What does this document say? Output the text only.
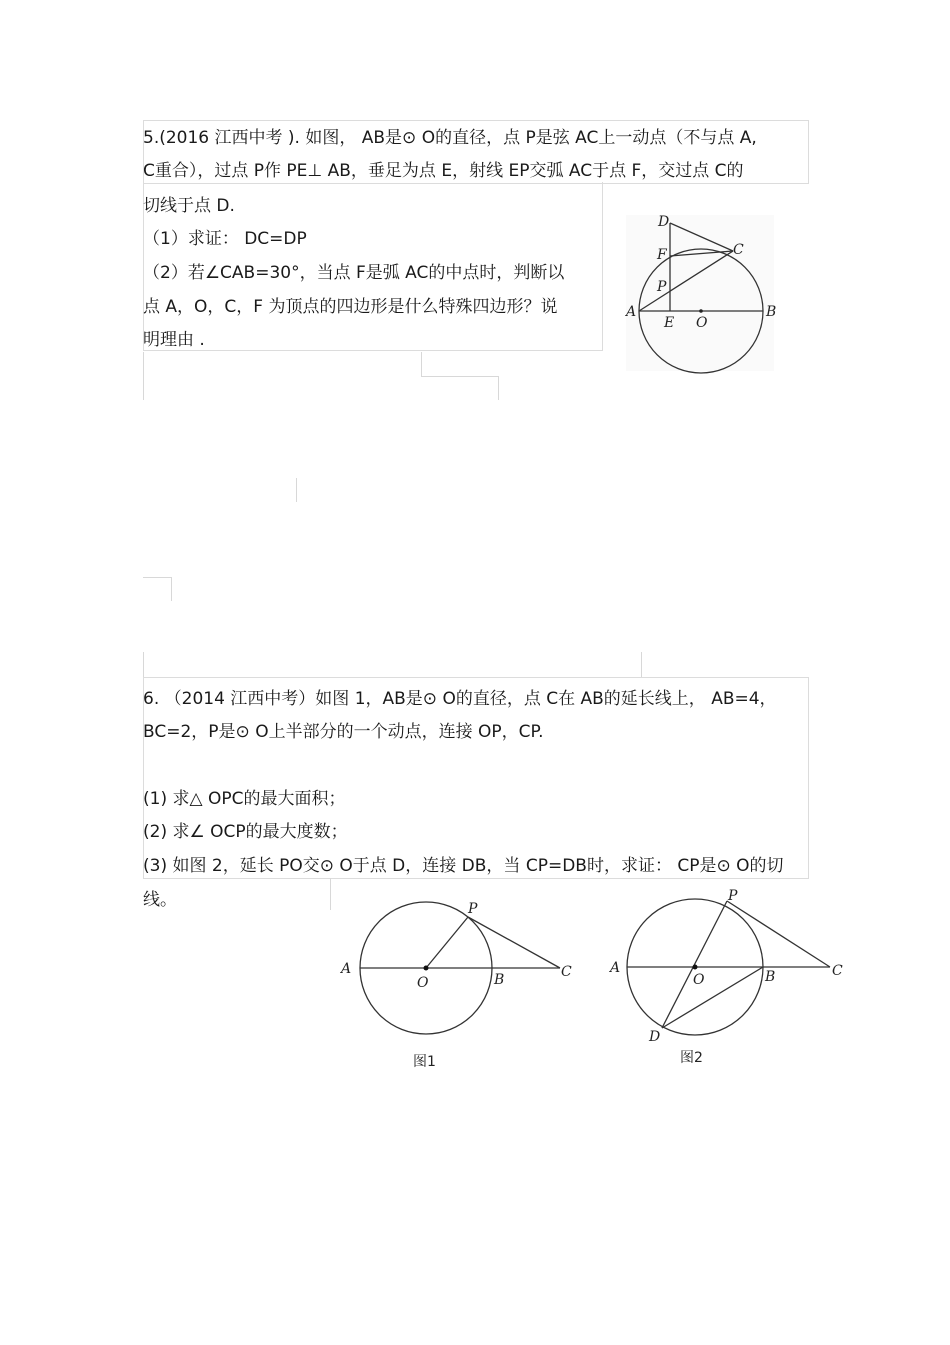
5.(2016 江西中考 ). 如图， AB是⊙ O的直径，点 P是弦 AC上一动点（不与点 A,
C重合），过点 P作 PE⊥ AB，垂足为点 E，射线 EP交弧 AC于点 F，交过点 C的
切线于点 D.
（1）求证： DC=DP
（2）若∠CAB=30°，当点 F是弧 AC的中点时，判断以
点 A，O，C，F 为顶点的四边形是什么特殊四边形？说
明理由 .
D
F	C
P
A
E O
B
6. （2014 江西中考）如图 1，AB是⊙ O的直径，点 C在 AB的延长线上， AB=4，
BC=2，P是⊙ O上半部分的一个动点，连接 OP，CP.
(1) 求△ OPC的最大面积；
(2) 求∠ OCP的最大度数；
(3) 如图 2，延长 PO交⊙ O于点 D，连接 DB，当 CP=DB时，求证： CP是⊙ O的切
线。
A
O	B	C
P
图1
A
O	B	C
P
D
图2
